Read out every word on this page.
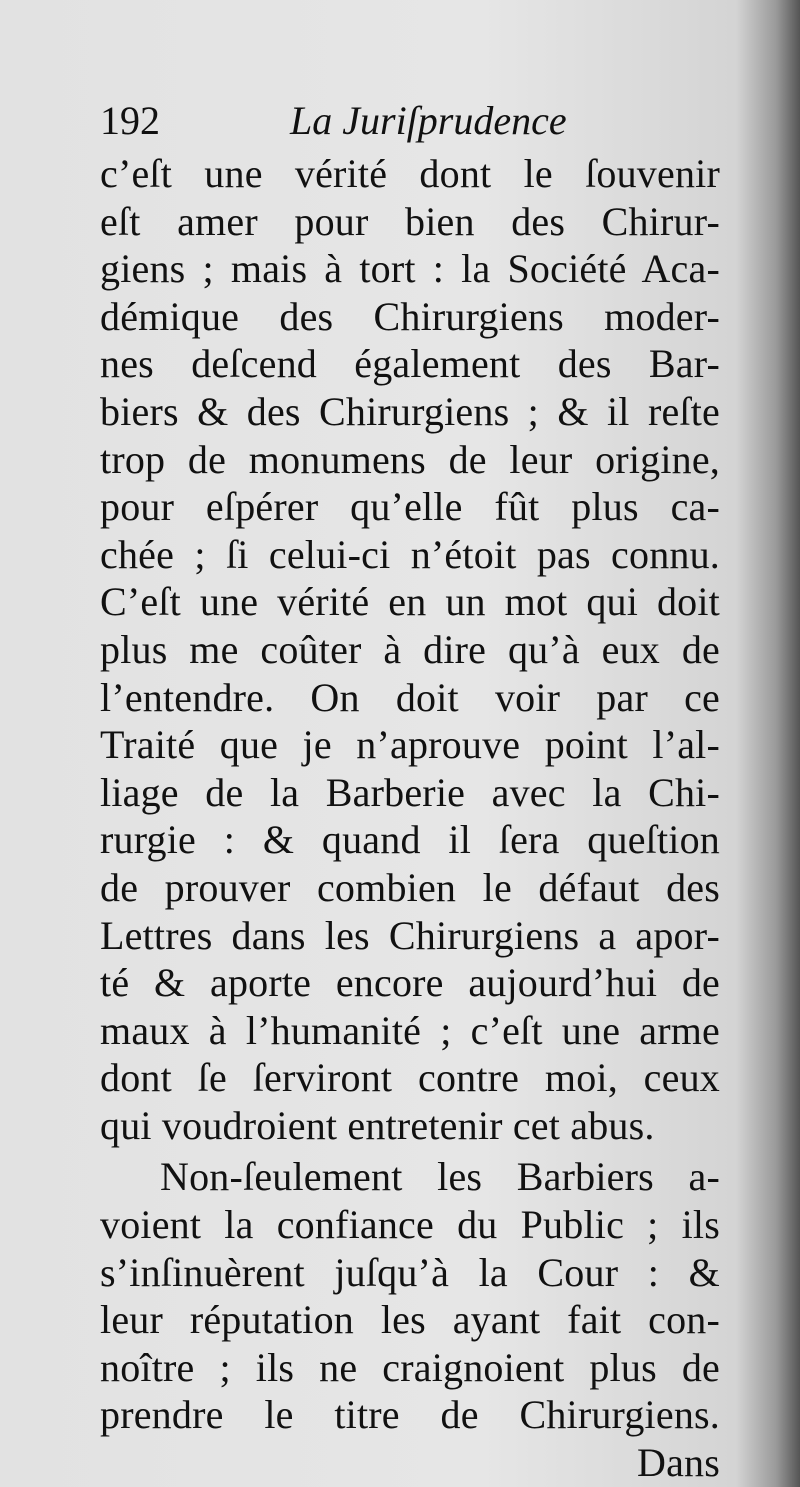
192	La Juriſprudence
c’eſt une vérité dont le ſouvenir
eſt amer pour bien des Chirur-
giens ; mais à tort : la Société Aca-
démique des Chirurgiens moder-
nes deſcend également des Bar-
biers & des Chirurgiens ; & il reſte
trop de monumens de leur origine,
pour eſpérer qu’elle fût plus ca-
chée ; ſi celui-ci n’étoit pas connu.
C’eſt une vérité en un mot qui doit
plus me coûter à dire qu’à eux de
l’entendre. On doit voir par ce
Traité que je n’aprouve point l’al-
liage de la Barberie avec la Chi-
rurgie : & quand il ſera queſtion
de prouver combien le défaut des
Lettres dans les Chirurgiens a apor-
té & aporte encore aujourd’hui de
maux à l’humanité ; c’eſt une arme
dont ſe ſerviront contre moi, ceux
qui voudroient entretenir cet abus.
Non-ſeulement les Barbiers a-
voient la confiance du Public ; ils
s’inſinuèrent juſqu’à la Cour : &
leur réputation les ayant fait con-
noître ; ils ne craignoient plus de
prendre le titre de Chirurgiens.
Dans
